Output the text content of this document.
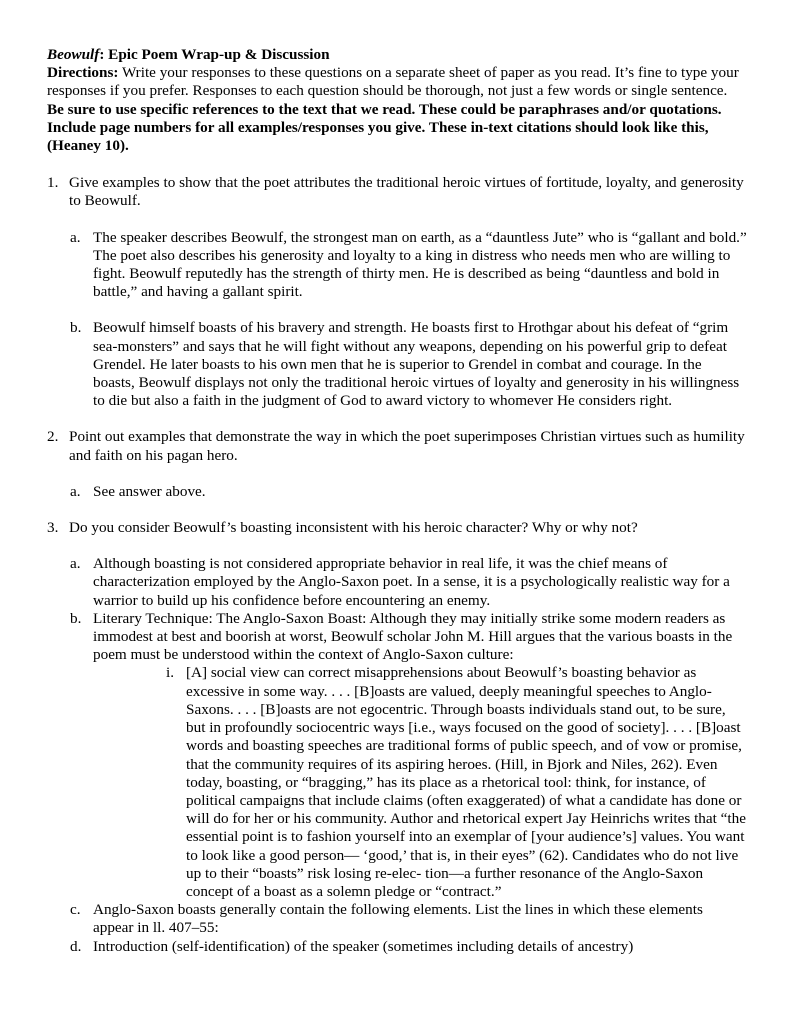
Beowulf: Epic Poem Wrap-up & Discussion

Directions: Write your responses to these questions on a separate sheet of paper as you read. It’s fine to type your responses if you prefer. Responses to each question should be thorough, not just a few words or single sentence. Be sure to use specific references to the text that we read. These could be paraphrases and/or quotations. Include page numbers for all examples/responses you give. These in-text citations should look like this, (Heaney 10).

1. Give examples to show that the poet attributes the traditional heroic virtues of fortitude, loyalty, and generosity to Beowulf.

a. The speaker describes Beowulf, the strongest man on earth, as a “dauntless Jute” who is “gallant and bold.” The poet also describes his generosity and loyalty to a king in distress who needs men who are willing to fight. Beowulf reputedly has the strength of thirty men. He is described as being “dauntless and bold in battle,” and having a gallant spirit.

b. Beowulf himself boasts of his bravery and strength. He boasts first to Hrothgar about his defeat of “grim sea-monsters” and says that he will fight without any weapons, depending on his powerful grip to defeat Grendel. He later boasts to his own men that he is superior to Grendel in combat and courage. In the boasts, Beowulf displays not only the traditional heroic virtues of loyalty and generosity in his willingness to die but also a faith in the judgment of God to award victory to whomever He considers right.

2. Point out examples that demonstrate the way in which the poet superimposes Christian virtues such as humility and faith on his pagan hero.

a. See answer above.

3. Do you consider Beowulf’s boasting inconsistent with his heroic character? Why or why not?

a. Although boasting is not considered appropriate behavior in real life, it was the chief means of characterization employed by the Anglo-Saxon poet. In a sense, it is a psychologically realistic way for a warrior to build up his confidence before encountering an enemy.

b. Literary Technique: The Anglo-Saxon Boast: Although they may initially strike some modern readers as immodest at best and boorish at worst, Beowulf scholar John M. Hill argues that the various boasts in the poem must be understood within the context of Anglo-Saxon culture:

i. [A] social view can correct misapprehensions about Beowulf’s boasting behavior as excessive in some way. . . . [B]oasts are valued, deeply meaningful speeches to Anglo-Saxons. . . . [B]oasts are not egocentric. Through boasts individuals stand out, to be sure, but in profoundly sociocentric ways [i.e., ways focused on the good of society]. . . . [B]oast words and boasting speeches are traditional forms of public speech, and of vow or promise, that the community requires of its aspiring heroes. (Hill, in Bjork and Niles, 262). Even today, boasting, or “bragging,” has its place as a rhetorical tool: think, for instance, of political campaigns that include claims (often exaggerated) of what a candidate has done or will do for her or his community. Author and rhetorical expert Jay Heinrichs writes that “the essential point is to fashion yourself into an exemplar of [your audience’s] values. You want to look like a good person— ‘good,’ that is, in their eyes” (62). Candidates who do not live up to their “boasts” risk losing re-elec- tion—a further resonance of the Anglo-Saxon concept of a boast as a solemn pledge or “contract.”

c. Anglo-Saxon boasts generally contain the following elements. List the lines in which these elements appear in ll. 407–55:

d. Introduction (self-identification) of the speaker (sometimes including details of ancestry)
